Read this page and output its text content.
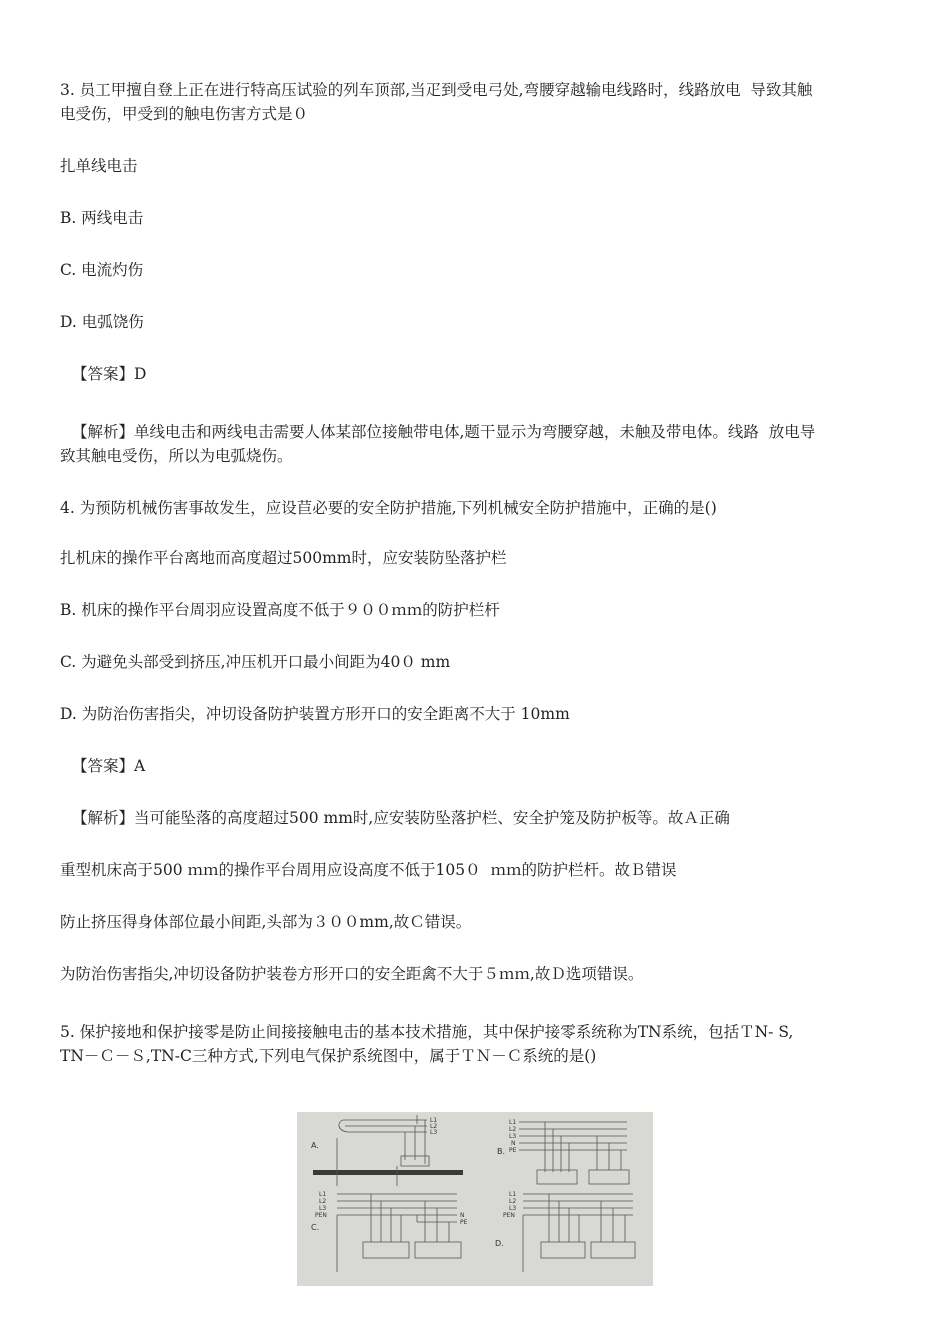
3. 员工甲擅自登上正在进行特高压试验的列车顶部,当疋到受电弓处,弯腰穿越输电线路时，线路放电  导致其触
电受伤，甲受到的触电伤害方式是０
扎单线电击
B. 两线电击
C. 电流灼伤
D. 电弧饶伤
【答案】D
【解析】单线电击和两线电击需要人体某部位接触带电体,题干显示为弯腰穿越，未触及带电体。线路  放电导
致其触电受伤，所以为电弧烧伤。
4. 为预防机械伤害事故发生，应设苣必要的安全防护措施,下列机械安全防护措施中，正确的是()
扎机床的操作平台离地而高度超过500mm时，应安装防坠落护栏
B. 机床的操作平台周羽应设置高度不低于９００ｍｍ的防护栏杆
C. 为避免头部受到挤压,冲压机开口最小间距为40０ mm
D. 为防治伤害指尖，冲切设备防护装置方形开口的安全距离不大于 10mm
【答案】A
【解析】当可能坠落的高度超过500 mm时,应安装防坠落护栏、安全护笼及防护板等。故Ａ正确
重型机床高于500 ｍｍ的操作平台周用应设高度不低于105０  ｍｍ的防护栏杆。故Ｂ错误
防止挤压得身体部位最小间距,头部为３００mm,故Ｃ错误。
为防治伤害指尖,冲切设备防护装卷方形开口的安全距禽不大于５ｍｍ,故Ｄ选项错误。
5. 保护接地和保护接零是防止间接接触电击的基本技术措施，其中保护接零系统称为TN系统，包括ＴN- S,
TN－Ｃ－Ｓ,TN-C三种方式,下列电气保护系统图中，属于ＴＮ－Ｃ系统的是()
A.
L1
L2
L3
B.
L1
L2
L3
N
PE
C.
L1
L2
L3
PEN	N
PE
D.
L1
L2
L3
PEN
